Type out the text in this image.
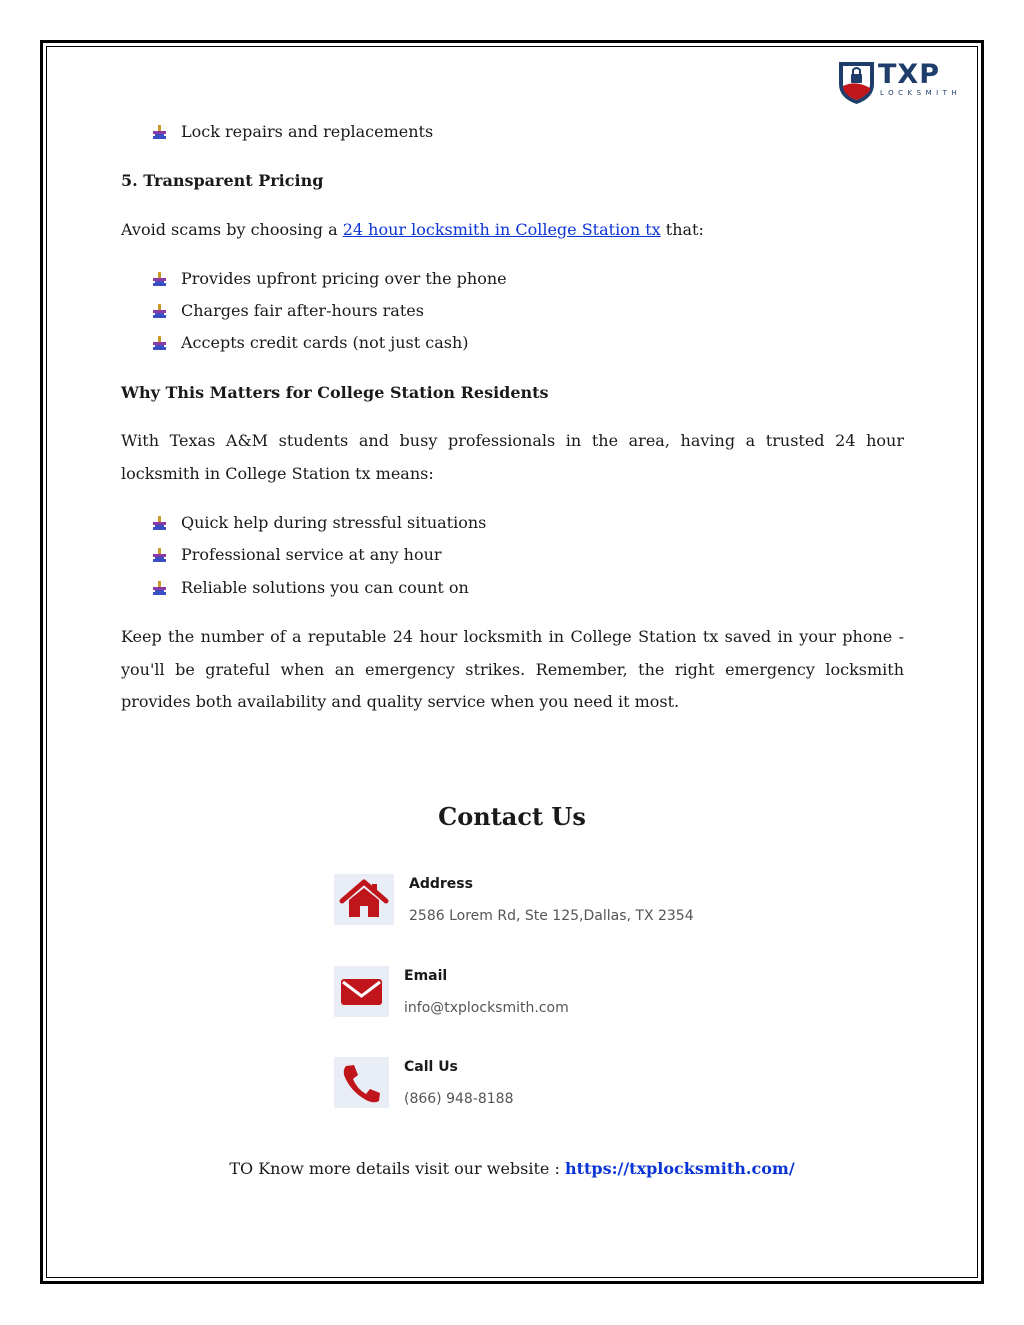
TXP
LOCKSMITH
Lock repairs and replacements
5. Transparent Pricing
Avoid scams by choosing a 24 hour locksmith in College Station tx that:
Provides upfront pricing over the phone
Charges fair after-hours rates
Accepts credit cards (not just cash)
Why This Matters for College Station Residents
With Texas A&M students and busy professionals in the area, having a trusted 24 hour locksmith in College Station tx means:
Quick help during stressful situations
Professional service at any hour
Reliable solutions you can count on
Keep the number of a reputable 24 hour locksmith in College Station tx saved in your phone - you'll be grateful when an emergency strikes. Remember, the right emergency locksmith provides both availability and quality service when you need it most.
Contact Us
Address
2586 Lorem Rd, Ste 125,Dallas, TX 2354
Email
info@txplocksmith.com
Call Us
(866) 948-8188
TO Know more details visit our website : https://txplocksmith.com/
